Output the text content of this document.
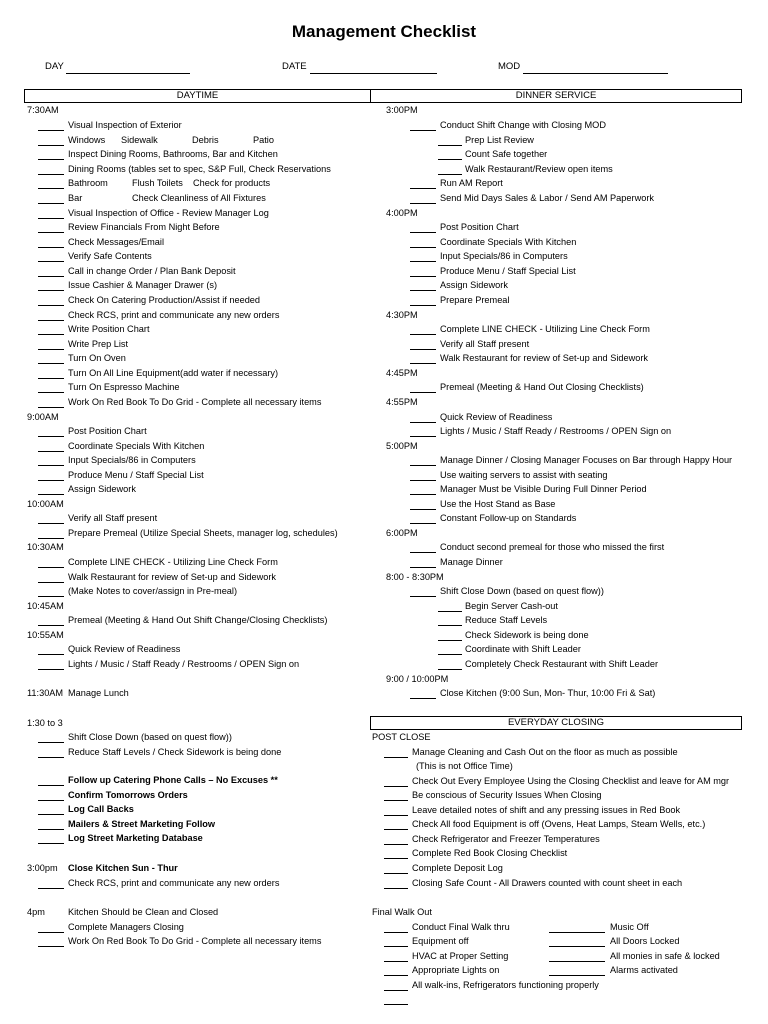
Management Checklist
DAY	DATE	MOD
DAYTIME	DINNER SERVICE
EVERYDAY CLOSING
7:30AM
Visual Inspection of Exterior
Windows Sidewalk	Debris	Patio
Inspect Dining Rooms, Bathrooms, Bar and Kitchen
Dining Rooms (tables set to spec, S&P Full, Check Reservations
Bathroom	Flush Toilets Check for products
Bar	Check Cleanliness of All Fixtures
Visual Inspection of Office - Review Manager Log
Review Financials From Night Before
Check Messages/Email
Verify Safe Contents
Call in change Order / Plan Bank Deposit
Issue Cashier & Manager Drawer (s)
Check On Catering Production/Assist if needed
Check RCS, print and communicate any new orders
Write Position Chart
Write Prep List
Turn On Oven
Turn On All Line Equipment(add water if necessary)
Turn On Espresso Machine
Work On Red Book To Do Grid - Complete all necessary items
9:00AM
Post Position Chart
Coordinate Specials With Kitchen
Input Specials/86 in Computers
Produce Menu / Staff Special List
Assign Sidework
10:00AM
Verify all Staff present
Prepare Premeal (Utilize Special Sheets, manager log, schedules)
10:30AM
Complete LINE CHECK - Utilizing Line Check Form
Walk Restaurant for review of Set-up and Sidework
(Make Notes to cover/assign in Pre-meal)
10:45AM
Premeal (Meeting & Hand Out Shift Change/Closing Checklists)
10:55AM
Quick Review of Readiness
Lights / Music / Staff Ready / Restrooms / OPEN Sign on
11:30AM Manage Lunch
1:30 to 3
Shift Close Down (based on quest flow))
Reduce Staff Levels / Check Sidework is being done
Follow up Catering Phone Calls – No Excuses **
Confirm Tomorrows Orders
Log Call Backs
Mailers & Street Marketing Follow
Log Street Marketing Database
3:00pm Close Kitchen Sun - Thur
Check RCS, print and communicate any new orders
4pm	Kitchen Should be Clean and Closed
Complete Managers Closing
Work On Red Book To Do Grid - Complete all necessary items
3:00PM
Conduct Shift Change with Closing MOD
Prep List Review
Count Safe together
Walk Restaurant/Review open items
Run AM Report
Send Mid Days Sales & Labor / Send AM Paperwork
4:00PM
Post Position Chart
Coordinate Specials With Kitchen
Input Specials/86 in Computers
Produce Menu / Staff Special List
Assign Sidework
Prepare Premeal
4:30PM
Complete LINE CHECK - Utilizing Line Check Form
Verify all Staff present
Walk Restaurant for review of Set-up and Sidework
4:45PM
Premeal (Meeting & Hand Out Closing Checklists)
4:55PM
Quick Review of Readiness
Lights / Music / Staff Ready / Restrooms / OPEN Sign on
5:00PM
Manage Dinner / Closing Manager Focuses on Bar through Happy Hour
Use waiting servers to assist with seating
Manager Must be Visible During Full Dinner Period
Use the Host Stand as Base
Constant Follow-up on Standards
6:00PM
Conduct second premeal for those who missed the first
Manage Dinner
8:00 - 8:30PM
Shift Close Down (based on quest flow))
Begin Server Cash-out
Reduce Staff Levels
Check Sidework is being done
Coordinate with Shift Leader
Completely Check Restaurant with Shift Leader
9:00 / 10:00PM
Close Kitchen (9:00 Sun, Mon- Thur, 10:00 Fri & Sat)
POST CLOSE
Manage Cleaning and Cash Out on the floor as much as possible
(This is not Office Time)
Check Out Every Employee Using the Closing Checklist and leave for AM mgr
Be conscious of Security Issues When Closing
Leave detailed notes of shift and any pressing issues in Red Book
Check All food Equipment is off (Ovens, Heat Lamps, Steam Wells, etc.)
Check Refrigerator and Freezer Temperatures
Complete Red Book Closing Checklist
Complete Deposit Log
Closing Safe Count - All Drawers counted with count sheet in each
Final Walk Out
Conduct Final Walk thru	Music Off
Equipment off	All Doors Locked
HVAC at Proper Setting	All monies in safe & locked
Appropriate Lights on	Alarms activated
All walk-ins, Refrigerators functioning properly
